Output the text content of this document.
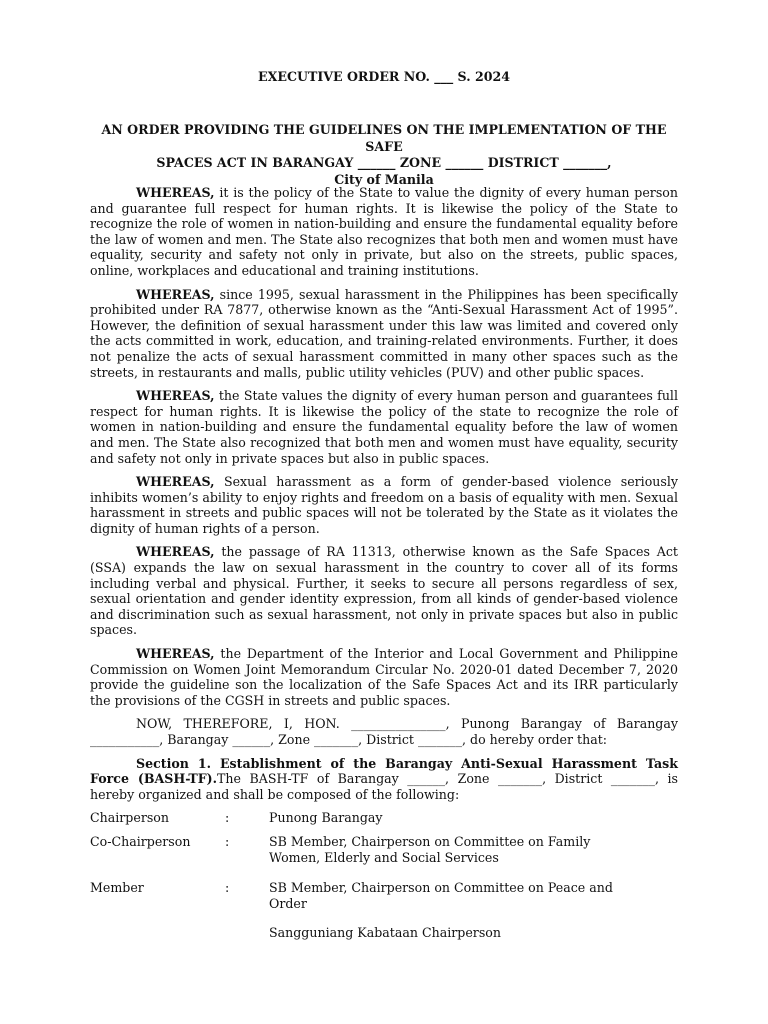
EXECUTIVE ORDER NO. ___ S. 2024
AN ORDER PROVIDING THE GUIDELINES ON THE IMPLEMENTATION OF THE SAFE
SPACES ACT IN BARANGAY ______ ZONE ______ DISTRICT _______,
City of Manila

WHEREAS, it is the policy of the State to value the dignity of every human person and guarantee full respect for human rights. It is likewise the policy of the State to recognize the role of women in nation-building and ensure the fundamental equality before the law of women and men. The State also recognizes that both men and women must have equality, security and safety not only in private, but also on the streets, public spaces, online, workplaces and educational and training institutions.

WHEREAS, since 1995, sexual harassment in the Philippines has been specifically prohibited under RA 7877, otherwise known as the “Anti-Sexual Harassment Act of 1995”. However, the definition of sexual harassment under this law was limited and covered only the acts committed in work, education, and training-related environments. Further, it does not penalize the acts of sexual harassment committed in many other spaces such as the streets, in restaurants and malls, public utility vehicles (PUV) and other public spaces.

WHEREAS, the State values the dignity of every human person and guarantees full respect for human rights. It is likewise the policy of the state to recognize the role of women in nation-building and ensure the fundamental equality before the law of women and men. The State also recognized that both men and women must have equality, security and safety not only in private spaces but also in public spaces.

WHEREAS, Sexual harassment as a form of gender-based violence seriously inhibits women’s ability to enjoy rights and freedom on a basis of equality with men. Sexual harassment in streets and public spaces will not be tolerated by the State as it violates the dignity of human rights of a person.

WHEREAS, the passage of RA 11313, otherwise known as the Safe Spaces Act (SSA) expands the law on sexual harassment in the country to cover all of its forms including verbal and physical. Further, it seeks to secure all persons regardless of sex, sexual orientation and gender identity expression, from all kinds of gender-based violence and discrimination such as sexual harassment, not only in private spaces but also in public spaces.

WHEREAS, the Department of the Interior and Local Government and Philippine Commission on Women Joint Memorandum Circular No. 2020-01 dated December 7, 2020 provide the guideline son the localization of the Safe Spaces Act and its IRR particularly the provisions of the CGSH in streets and public spaces.

NOW, THEREFORE, I, HON. _______________, Punong Barangay of Barangay ___________, Barangay ______, Zone _______, District _______, do hereby order that:

Section 1. Establishment of the Barangay Anti-Sexual Harassment Task Force (BASH-TF).The BASH-TF of Barangay ______, Zone _______, District _______, is hereby organized and shall be composed of the following:

Chairperson	:	Punong Barangay
Co-Chairperson	:	SB Member, Chairperson on Committee on Family
Women, Elderly and Social Services
Member	:	SB Member, Chairperson on Committee on Peace and
Order
Sangguniang Kabataan Chairperson
